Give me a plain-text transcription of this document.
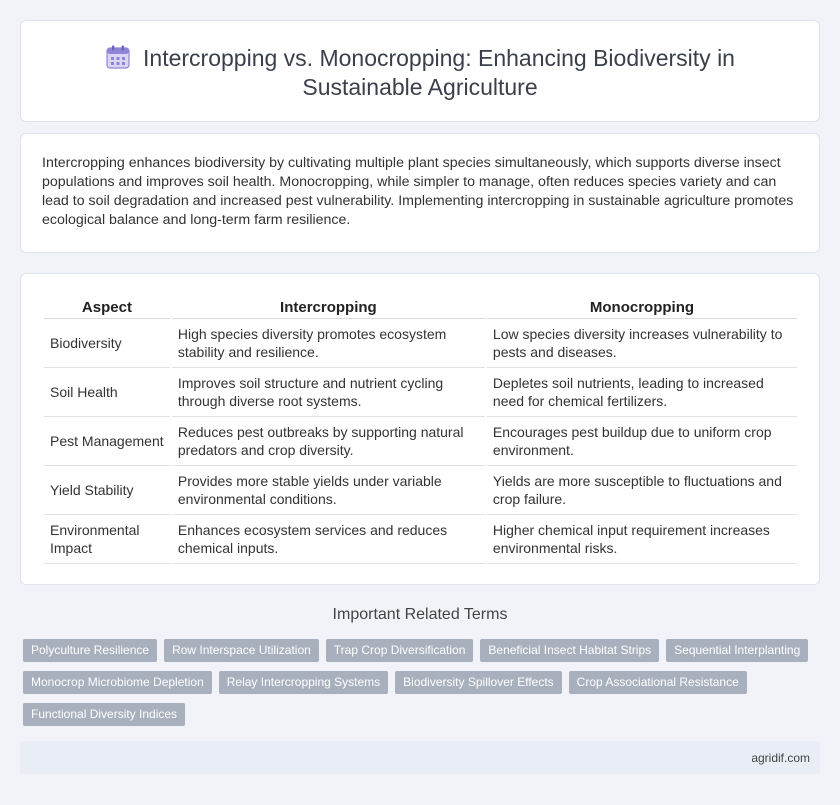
Intercropping vs. Monocropping: Enhancing Biodiversity in Sustainable Agriculture

Intercropping enhances biodiversity by cultivating multiple plant species simultaneously, which supports diverse insect populations and improves soil health. Monocropping, while simpler to manage, often reduces species variety and can lead to soil degradation and increased pest vulnerability. Implementing intercropping in sustainable agriculture promotes ecological balance and long-term farm resilience.

Aspect	Intercropping	Monocropping
Biodiversity	High species diversity promotes ecosystem stability and resilience.	Low species diversity increases vulnerability to pests and diseases.
Soil Health	Improves soil structure and nutrient cycling through diverse root systems.	Depletes soil nutrients, leading to increased need for chemical fertilizers.
Pest Management	Reduces pest outbreaks by supporting natural predators and crop diversity.	Encourages pest buildup due to uniform crop environment.
Yield Stability	Provides more stable yields under variable environmental conditions.	Yields are more susceptible to fluctuations and crop failure.
Environmental Impact	Enhances ecosystem services and reduces chemical inputs.	Higher chemical input requirement increases environmental risks.
Important Related Terms
Polyculture Resilience	Row Interspace Utilization	Trap Crop Diversification	Beneficial Insect Habitat Strips	Sequential Interplanting
Monocrop Microbiome Depletion	Relay Intercropping Systems	Biodiversity Spillover Effects	Crop Associational Resistance
Functional Diversity Indices
agridif.com
